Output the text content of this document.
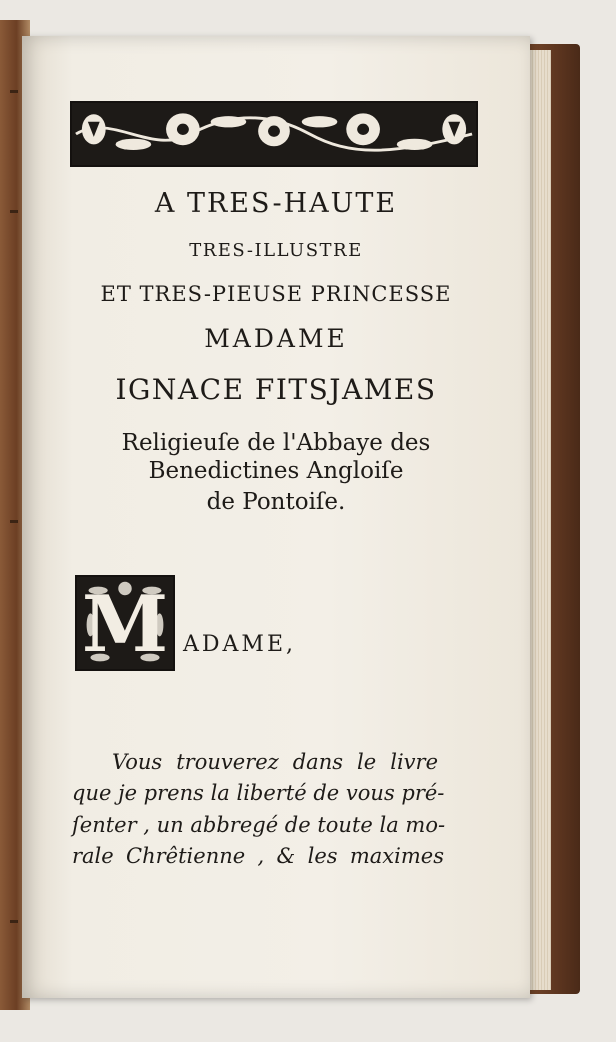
A TRES-HAUTE
TRES-ILLUSTRE
ET TRES-PIEUSE PRINCESSE
MADAME
IGNACE FITSJAMES
Religieuſe de l'Abbaye des
Benedictines Angloiſe
de Pontoiſe.
M ADAME,
Vous trouverez dans le livre
que je prens la liberté de vous pré-
ſenter , un abbregé de toute la mo-
rale Chrêtienne , & les maximes
